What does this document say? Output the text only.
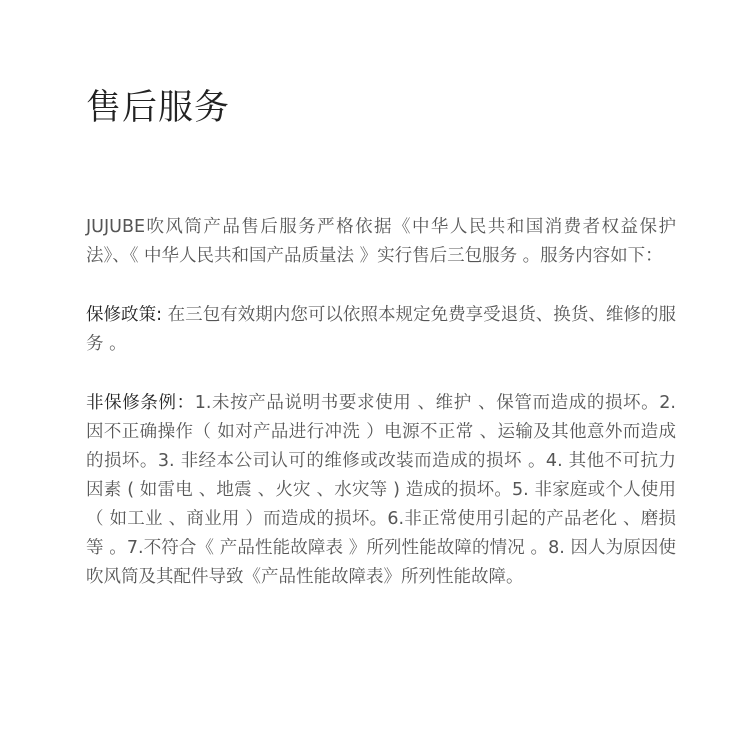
售后服务

JUJUBE吹风筒产品售后服务严格依据《中华人民共和国消费者权益保护法》、《 中华人民共和国产品质量法 》实行售后三包服务 。服务内容如下：

保修政策: 在三包有效期内您可以依照本规定免费享受退货、换货、维修的服务 。

非保修条例：1.未按产品说明书要求使用 、维护 、保管而造成的损坏。2. 因不正确操作（ 如对产品进行冲洗 ）电源不正常 、运输及其他意外而造成的损坏。3. 非经本公司认可的维修或改装而造成的损坏 。4. 其他不可抗力因素 ( 如雷电 、地震 、火灾 、水灾等 ) 造成的损坏。5. 非家庭或个人使用（ 如工业 、商业用 ）而造成的损坏。6.非正常使用引起的产品老化 、磨损等 。7.不符合《 产品性能故障表 》所列性能故障的情况 。8. 因人为原因使吹风筒及其配件导致《产品性能故障表》所列性能故障。
